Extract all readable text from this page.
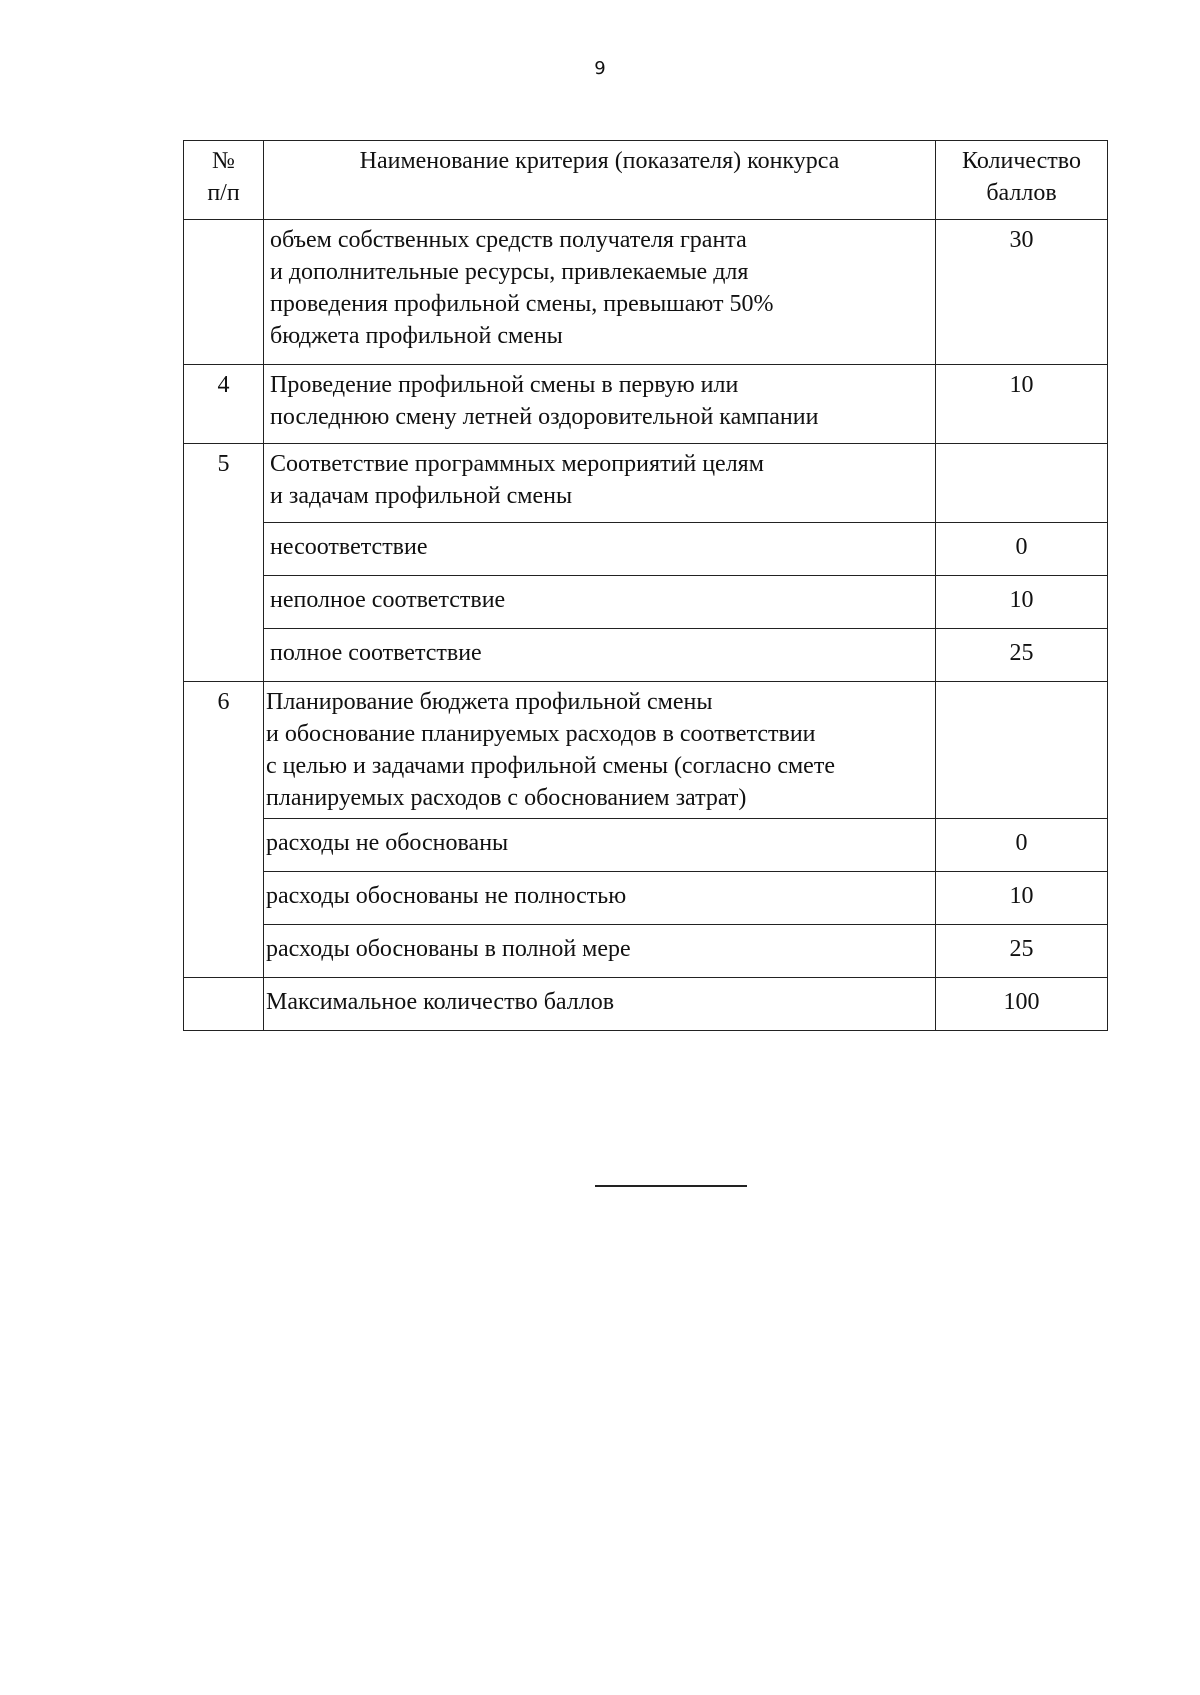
9
№
п/п	Наименование критерия (показателя) конкурса	Количество
баллов
	объем собственных средств получателя гранта
и дополнительные ресурсы, привлекаемые для
проведения профильной смены, превышают 50%
бюджета профильной смены	30
4	Проведение профильной смены в первую или
последнюю смену летней оздоровительной кампании	10
5	Соответствие программных мероприятий целям
и задачам профильной смены	
	несоответствие	0
	неполное соответствие	10
	полное соответствие	25
6	Планирование бюджета профильной смены
и обоснование планируемых расходов в соответствии
с целью и задачами профильной смены (согласно смете
планируемых расходов с обоснованием затрат)	
	расходы не обоснованы	0
	расходы обоснованы не полностью	10
	расходы обоснованы в полной мере	25
	Максимальное количество баллов	100
